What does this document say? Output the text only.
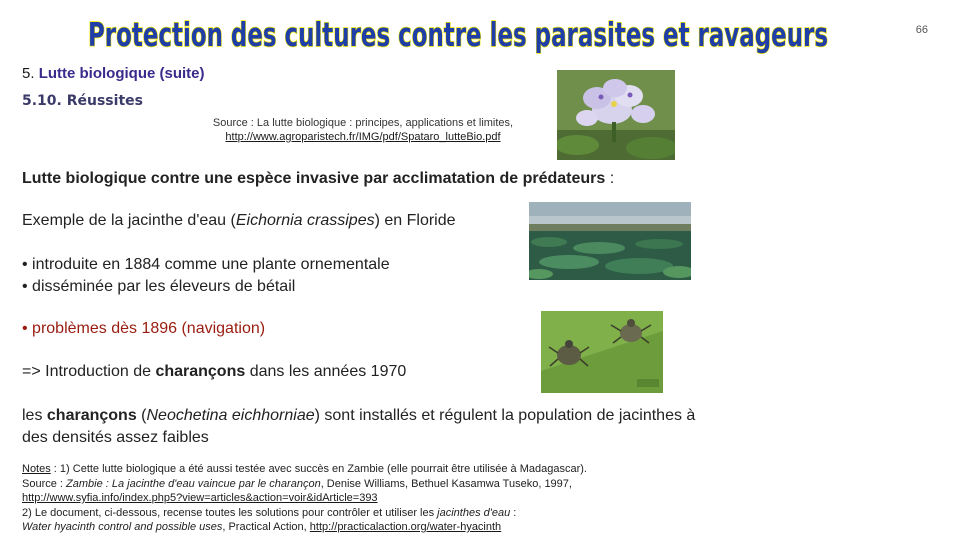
Protection des cultures contre les parasites et ravageurs	66
5. Lutte biologique (suite)
5.10. Réussites
Source : La lutte biologique : principes, applications et limites,
http://www.agroparistech.fr/IMG/pdf/Spataro_lutteBio.pdf
Lutte biologique contre une espèce invasive par acclimatation de prédateurs :
Exemple de la jacinthe d'eau (Eichornia crassipes) en Floride
• introduite en 1884 comme une plante ornementale
• disséminée par les éleveurs de bétail
• problèmes dès 1896 (navigation)
=> Introduction de charançons dans les années 1970
les charançons (Neochetina eichhorniae) sont installés et régulent la population de jacinthes à des densités assez faibles
Notes : 1) Cette lutte biologique a été aussi testée avec succès en Zambie (elle pourrait être utilisée à Madagascar).
Source : Zambie : La jacinthe d'eau vaincue par le charançon, Denise Williams, Bethuel Kasamwa Tuseko, 1997,
http://www.syfia.info/index.php5?view=articles&action=voir&idArticle=393
2) Le document, ci-dessous, recense toutes les solutions pour contrôler et utiliser les jacinthes d'eau :
Water hyacinth control and possible uses, Practical Action, http://practicalaction.org/water-hyacinth
